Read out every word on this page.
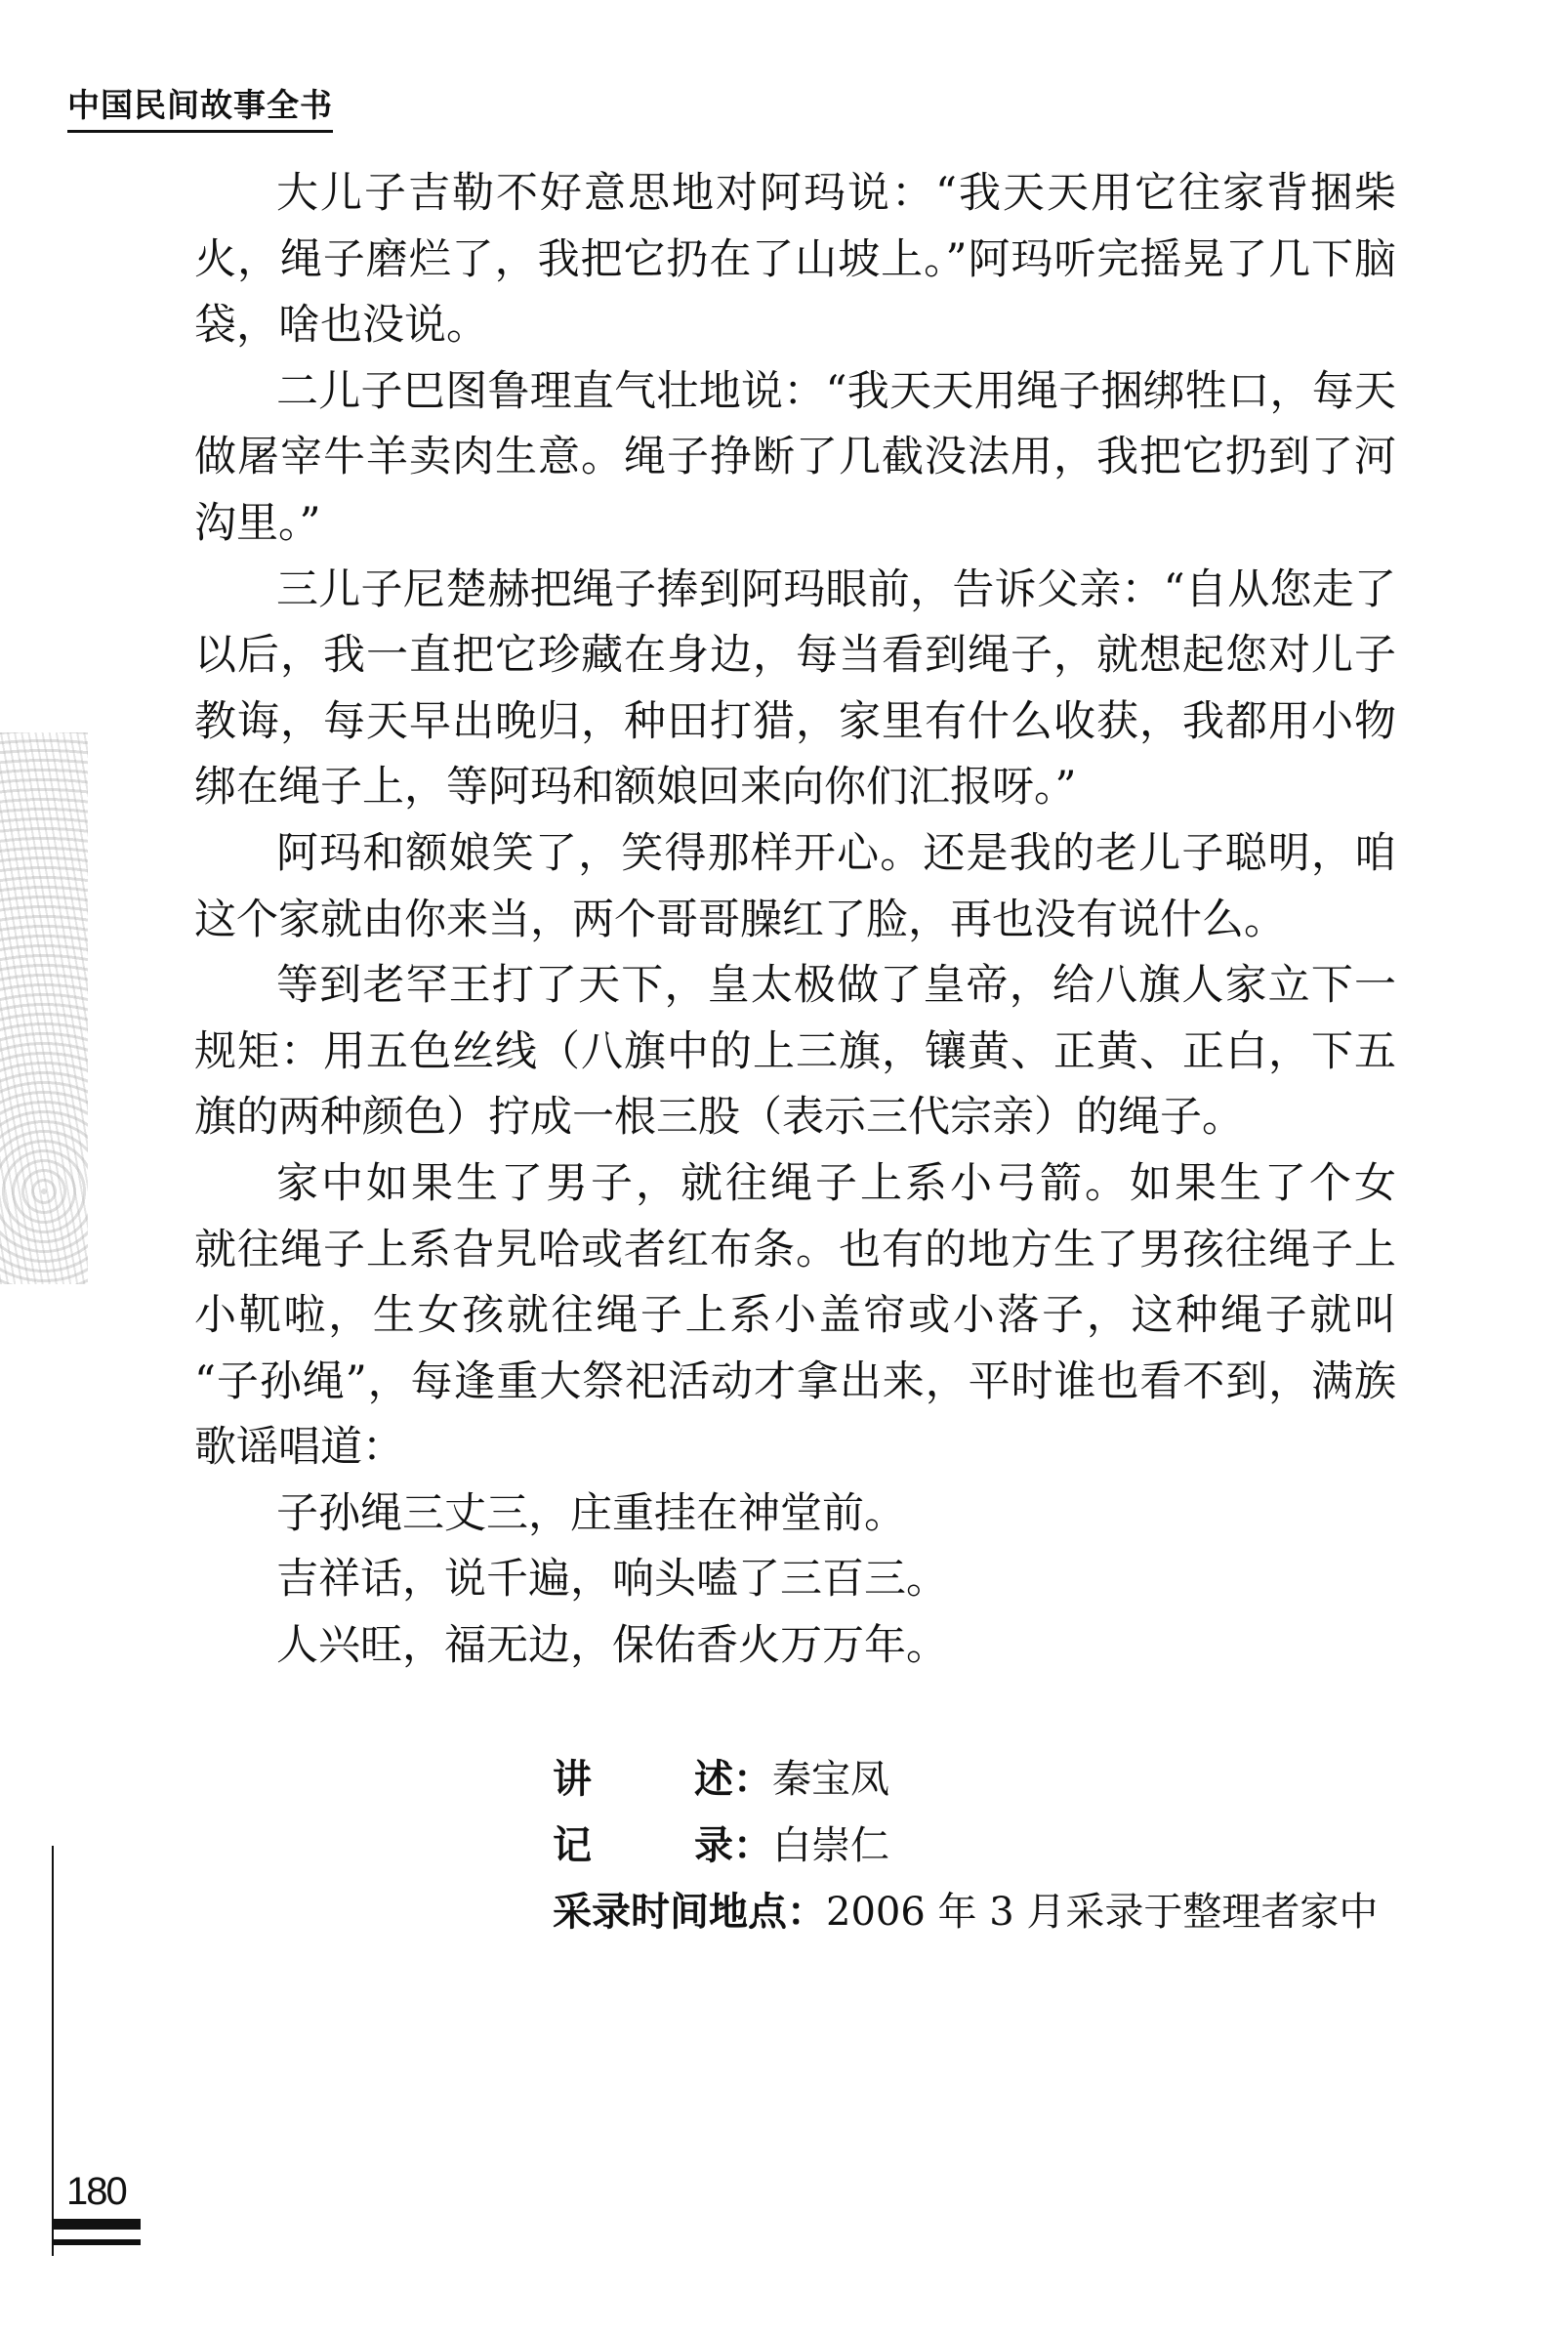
中国民间故事全书
大儿子吉勒不好意思地对阿玛说：“我天天用它往家背捆柴
火，绳子磨烂了，我把它扔在了山坡上。”阿玛听完摇晃了几下脑
袋，啥也没说。
二儿子巴图鲁理直气壮地说：“我天天用绳子捆绑牲口，每天
做屠宰牛羊卖肉生意。绳子挣断了几截没法用，我把它扔到了河
沟里。”
三儿子尼楚赫把绳子捧到阿玛眼前，告诉父亲：“自从您走了
以后，我一直把它珍藏在身边，每当看到绳子，就想起您对儿子
教诲，每天早出晚归，种田打猎，家里有什么收获，我都用小物
绑在绳子上，等阿玛和额娘回来向你们汇报呀。”
阿玛和额娘笑了，笑得那样开心。还是我的老儿子聪明，咱
这个家就由你来当，两个哥哥臊红了脸，再也没有说什么。
等到老罕王打了天下，皇太极做了皇帝，给八旗人家立下一
规矩：用五色丝线（八旗中的上三旗，镶黄、正黄、正白，下五
旗的两种颜色）拧成一根三股（表示三代宗亲）的绳子。
家中如果生了男子，就往绳子上系小弓箭。如果生了个女
就往绳子上系旮旯哈或者红布条。也有的地方生了男孩往绳子上
小靰啦，生女孩就往绳子上系小盖帘或小落子，这种绳子就叫
“子孙绳”，每逢重大祭祀活动才拿出来，平时谁也看不到，满族
歌谣唱道：
子孙绳三丈三，庄重挂在神堂前。
吉祥话，说千遍，响头嗑了三百三。
人兴旺，福无边，保佑香火万万年。
讲述：秦宝凤
记录：白崇仁
采录时间地点：2006 年 3 月采录于整理者家中
180
